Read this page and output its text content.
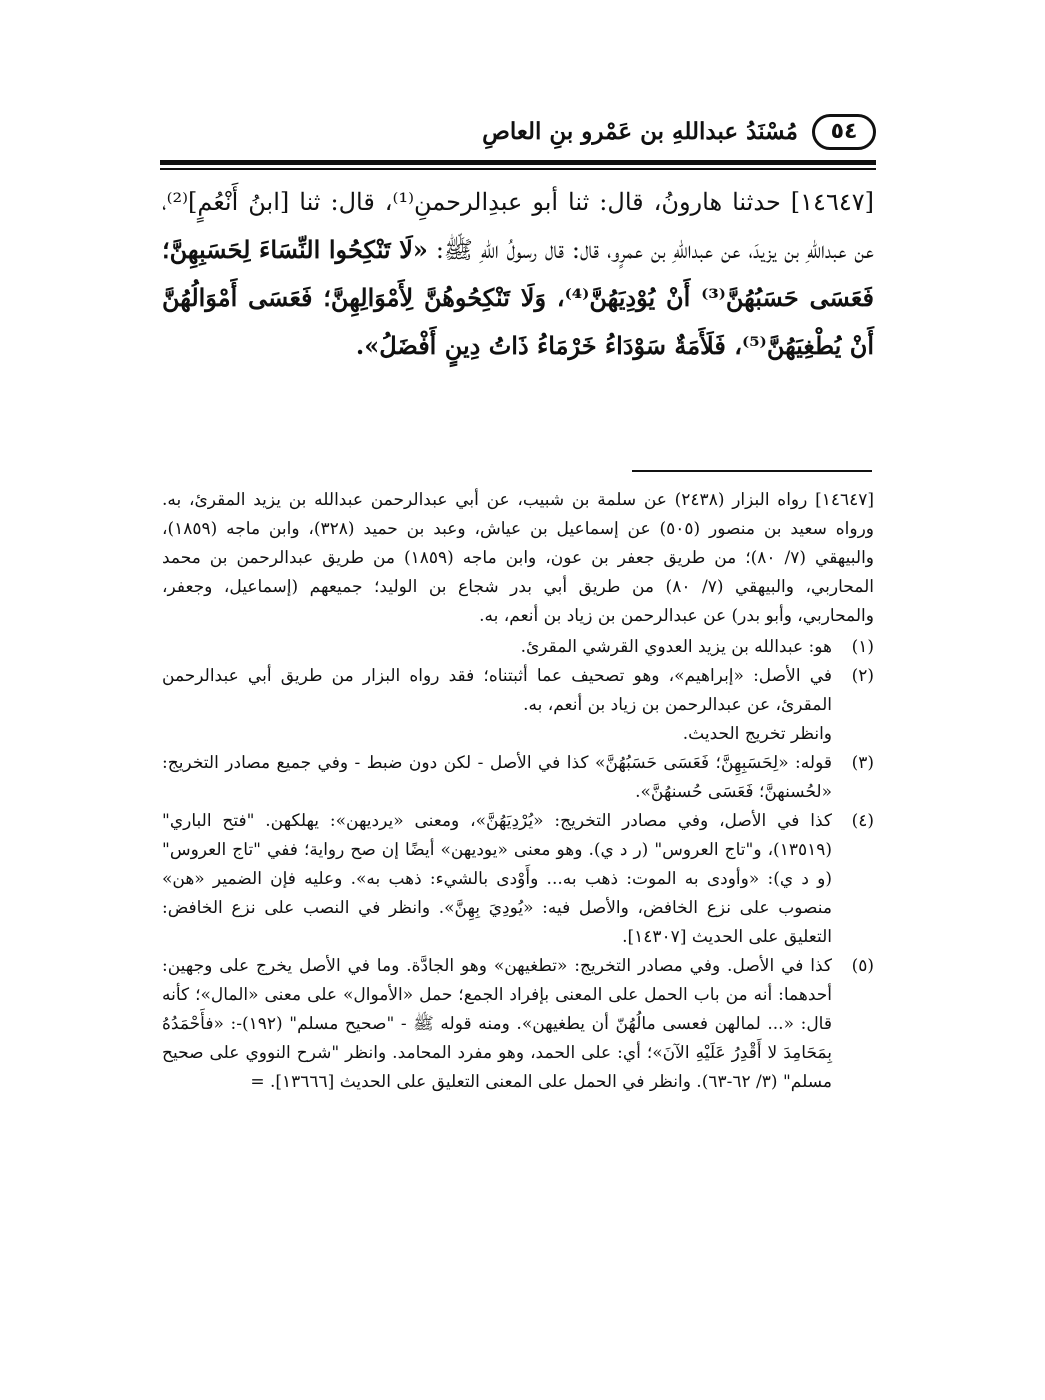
٥٤
مُسْنَدُ عبداللهِ بن عَمْرو بنِ العاصِ
[١٤٦٤٧] حدثنا هارونُ، قال: ثنا أبو عبدِالرحمنِ⁽¹⁾، قال: ثنا [ابنُ أَنْعُمٍ]⁽²⁾، عن عبداللهِ بن يزيدَ، عن عبداللهِ بن عمرٍو، قال: قال رسولُ اللهِ ﷺ: «لَا تَنْكِحُوا النِّسَاءَ لِحَسَبِهِنَّ؛ فَعَسَى حَسَبُهُنَّ⁽³⁾ أَنْ يُوْدِيَهُنَّ⁽⁴⁾، وَلَا تَنْكِحُوهُنَّ لِأَمْوَالِهِنَّ؛ فَعَسَى أَمْوَالُهُنَّ أَنْ يُطْغِيَهُنَّ⁽⁵⁾، فَلَأَمَةٌ سَوْدَاءُ خَرْمَاءُ ذَاتُ دِينٍ أَفْضَلُ».

[١٤٦٤٧] رواه البزار (٢٤٣٨) عن سلمة بن شبيب، عن أبي عبدالرحمن عبدالله بن يزيد المقرئ، به. ورواه سعيد بن منصور (٥٠٥) عن إسماعيل بن عياش، وعبد بن حميد (٣٢٨)، وابن ماجه (١٨٥٩)، والبيهقي (٧/ ٨٠)؛ من طريق جعفر بن عون، وابن ماجه (١٨٥٩) من طريق عبدالرحمن بن محمد المحاربي، والبيهقي (٧/ ٨٠) من طريق أبي بدر شجاع بن الوليد؛ جميعهم (إسماعيل، وجعفر، والمحاربي، وأبو بدر) عن عبدالرحمن بن زياد بن أنعم، به.

(١)

هو: عبدالله بن يزيد العدوي القرشي المقرئ.

(٢)

في الأصل: «إبراهيم»، وهو تصحيف عما أثبتناه؛ فقد رواه البزار من طريق أبي عبدالرحمن المقرئ، عن عبدالرحمن بن زياد بن أنعم، به.

وانظر تخريج الحديث.

(٣)

قوله: «لِحَسَبِهِنَّ؛ فَعَسَى حَسَبُهُنَّ» كذا في الأصل - لكن دون ضبط - وفي جميع مصادر التخريج: «لحُسنهنَّ؛ فَعَسَى حُسنهُنَّ».

(٤)

كذا في الأصل، وفي مصادر التخريج: «يُرْدِيَهُنَّ»، ومعنى «يرديهن»: يهلكهن. "فتح الباري" (١٣٥١٩)، و"تاج العروس" (ر د ي). وهو معنى «يوديهن» أيضًا إن صح رواية؛ ففي "تاج العروس" (و د ي): «وأودى به الموت: ذهب به... وأَوْدى بالشيء: ذهب به». وعليه فإن الضمير «هن» منصوب على نزع الخافض، والأصل فيه: «يُودِيَ بِهِنَّ». وانظر في النصب على نزع الخافض: التعليق على الحديث [١٤٣٠٧].

(٥)

كذا في الأصل. وفي مصادر التخريج: «تطغيهن» وهو الجادَّة. وما في الأصل يخرج على وجهين: أحدهما: أنه من باب الحمل على المعنى بإفراد الجمع؛ حمل «الأموال» على معنى «المال»؛ كأنه قال: «... لمالهن فعسى مالُهُنّ أن يطغيهن». ومنه قوله ﷺ - "صحيح مسلم" (١٩٢)-: «فأَحْمَدُهُ بِمَحَامِدَ لا أَقْدِرُ عَلَيْهِ الآنَ»؛ أي: على الحمد، وهو مفرد المحامد. وانظر "شرح النووي على صحيح مسلم" (٣/ ٦٢-٦٣). وانظر في الحمل على المعنى التعليق على الحديث [١٣٦٦٦]. =
